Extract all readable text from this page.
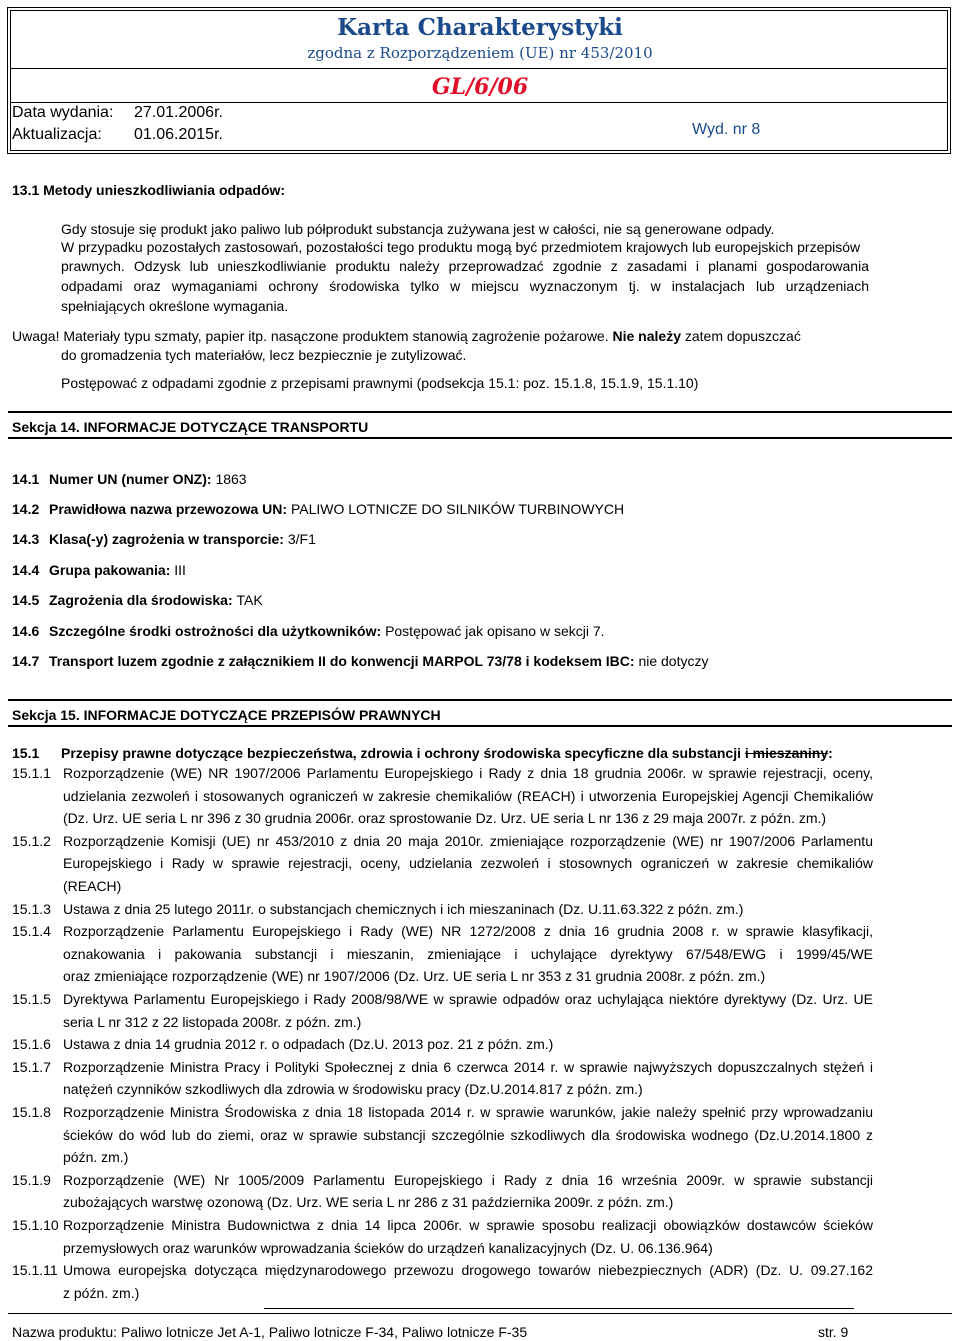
Karta Charakterystyki
zgodna z Rozporządzeniem (UE) nr 453/2010
GL/6/06
Data wydania: 27.01.2006r.
Aktualizacja: 01.06.2015r.	Wyd. nr 8
13.1 Metody unieszkodliwiania odpadów:
Gdy stosuje się produkt jako paliwo lub półprodukt substancja zużywana jest w całości, nie są generowane odpady.
W przypadku pozostałych zastosowań, pozostałości tego produktu mogą być przedmiotem krajowych lub europejskich przepisów
prawnych. Odzysk lub unieszkodliwianie produktu należy przeprowadzać zgodnie z zasadami i planami gospodarowania
odpadami oraz wymaganiami ochrony środowiska tylko w miejscu wyznaczonym tj. w instalacjach lub urządzeniach
spełniających określone wymagania.
Uwaga! Materiały typu szmaty, papier itp. nasączone produktem stanowią zagrożenie pożarowe. Nie należy zatem dopuszczać
do gromadzenia tych materiałów, lecz bezpiecznie je zutylizować.
Postępować z odpadami zgodnie z przepisami prawnymi (podsekcja 15.1: poz. 15.1.8, 15.1.9, 15.1.10)
Sekcja 14. INFORMACJE DOTYCZĄCE TRANSPORTU
14.1 Numer UN (numer ONZ): 1863
14.2 Prawidłowa nazwa przewozowa UN: PALIWO LOTNICZE DO SILNIKÓW TURBINOWYCH
14.3 Klasa(-y) zagrożenia w transporcie: 3/F1
14.4 Grupa pakowania: III
14.5 Zagrożenia dla środowiska: TAK
14.6 Szczególne środki ostrożności dla użytkowników: Postępować jak opisano w sekcji 7.
14.7 Transport luzem zgodnie z załącznikiem II do konwencji MARPOL 73/78 i kodeksem IBC: nie dotyczy
Sekcja 15. INFORMACJE DOTYCZĄCE PRZEPISÓW PRAWNYCH
15.1 Przepisy prawne dotyczące bezpieczeństwa, zdrowia i ochrony środowiska specyficzne dla substancji i mieszaniny:
15.1.1 Rozporządzenie (WE) NR 1907/2006 Parlamentu Europejskiego i Rady z dnia 18 grudnia 2006r. w sprawie rejestracji, oceny,
udzielania zezwoleń i stosowanych ograniczeń w zakresie chemikaliów (REACH) i utworzenia Europejskiej Agencji Chemikaliów
(Dz. Urz. UE seria L nr 396 z 30 grudnia 2006r. oraz sprostowanie Dz. Urz. UE seria L nr 136 z 29 maja 2007r. z późn. zm.)
15.1.2 Rozporządzenie Komisji (UE) nr 453/2010 z dnia 20 maja 2010r. zmieniające rozporządzenie (WE) nr 1907/2006 Parlamentu
Europejskiego i Rady w sprawie rejestracji, oceny, udzielania zezwoleń i stosownych ograniczeń w zakresie chemikaliów
(REACH)
15.1.3 Ustawa z dnia 25 lutego 2011r. o substancjach chemicznych i ich mieszaninach (Dz. U.11.63.322 z późn. zm.)
15.1.4 Rozporządzenie Parlamentu Europejskiego i Rady (WE) NR 1272/2008 z dnia 16 grudnia 2008 r. w sprawie klasyfikacji,
oznakowania i pakowania substancji i mieszanin, zmieniające i uchylające dyrektywy 67/548/EWG i 1999/45/WE
oraz zmieniające rozporządzenie (WE) nr 1907/2006 (Dz. Urz. UE seria L nr 353 z 31 grudnia 2008r. z późn. zm.)
15.1.5 Dyrektywa Parlamentu Europejskiego i Rady 2008/98/WE w sprawie odpadów oraz uchylająca niektóre dyrektywy (Dz. Urz. UE
seria L nr 312 z 22 listopada 2008r. z późn. zm.)
15.1.6 Ustawa z dnia 14 grudnia 2012 r. o odpadach (Dz.U. 2013 poz. 21 z późn. zm.)
15.1.7 Rozporządzenie Ministra Pracy i Polityki Społecznej z dnia 6 czerwca 2014 r. w sprawie najwyższych dopuszczalnych stężeń i
natężeń czynników szkodliwych dla zdrowia w środowisku pracy (Dz.U.2014.817 z późn. zm.)
15.1.8 Rozporządzenie Ministra Środowiska z dnia 18 listopada 2014 r. w sprawie warunków, jakie należy spełnić przy wprowadzaniu
ścieków do wód lub do ziemi, oraz w sprawie substancji szczególnie szkodliwych dla środowiska wodnego (Dz.U.2014.1800 z
późn. zm.)
15.1.9 Rozporządzenie (WE) Nr 1005/2009 Parlamentu Europejskiego i Rady z dnia 16 września 2009r. w sprawie substancji
zubożających warstwę ozonową (Dz. Urz. WE seria L nr 286 z 31 października 2009r. z późn. zm.)
15.1.10 Rozporządzenie Ministra Budownictwa z dnia 14 lipca 2006r. w sprawie sposobu realizacji obowiązków dostawców ścieków
przemysłowych oraz warunków wprowadzania ścieków do urządzeń kanalizacyjnych (Dz. U. 06.136.964)
15.1.11 Umowa europejska dotycząca międzynarodowego przewozu drogowego towarów niebezpiecznych (ADR) (Dz. U. 09.27.162
z późn. zm.)
Nazwa produktu: Paliwo lotnicze Jet A-1, Paliwo lotnicze F-34, Paliwo lotnicze F-35	str. 9
